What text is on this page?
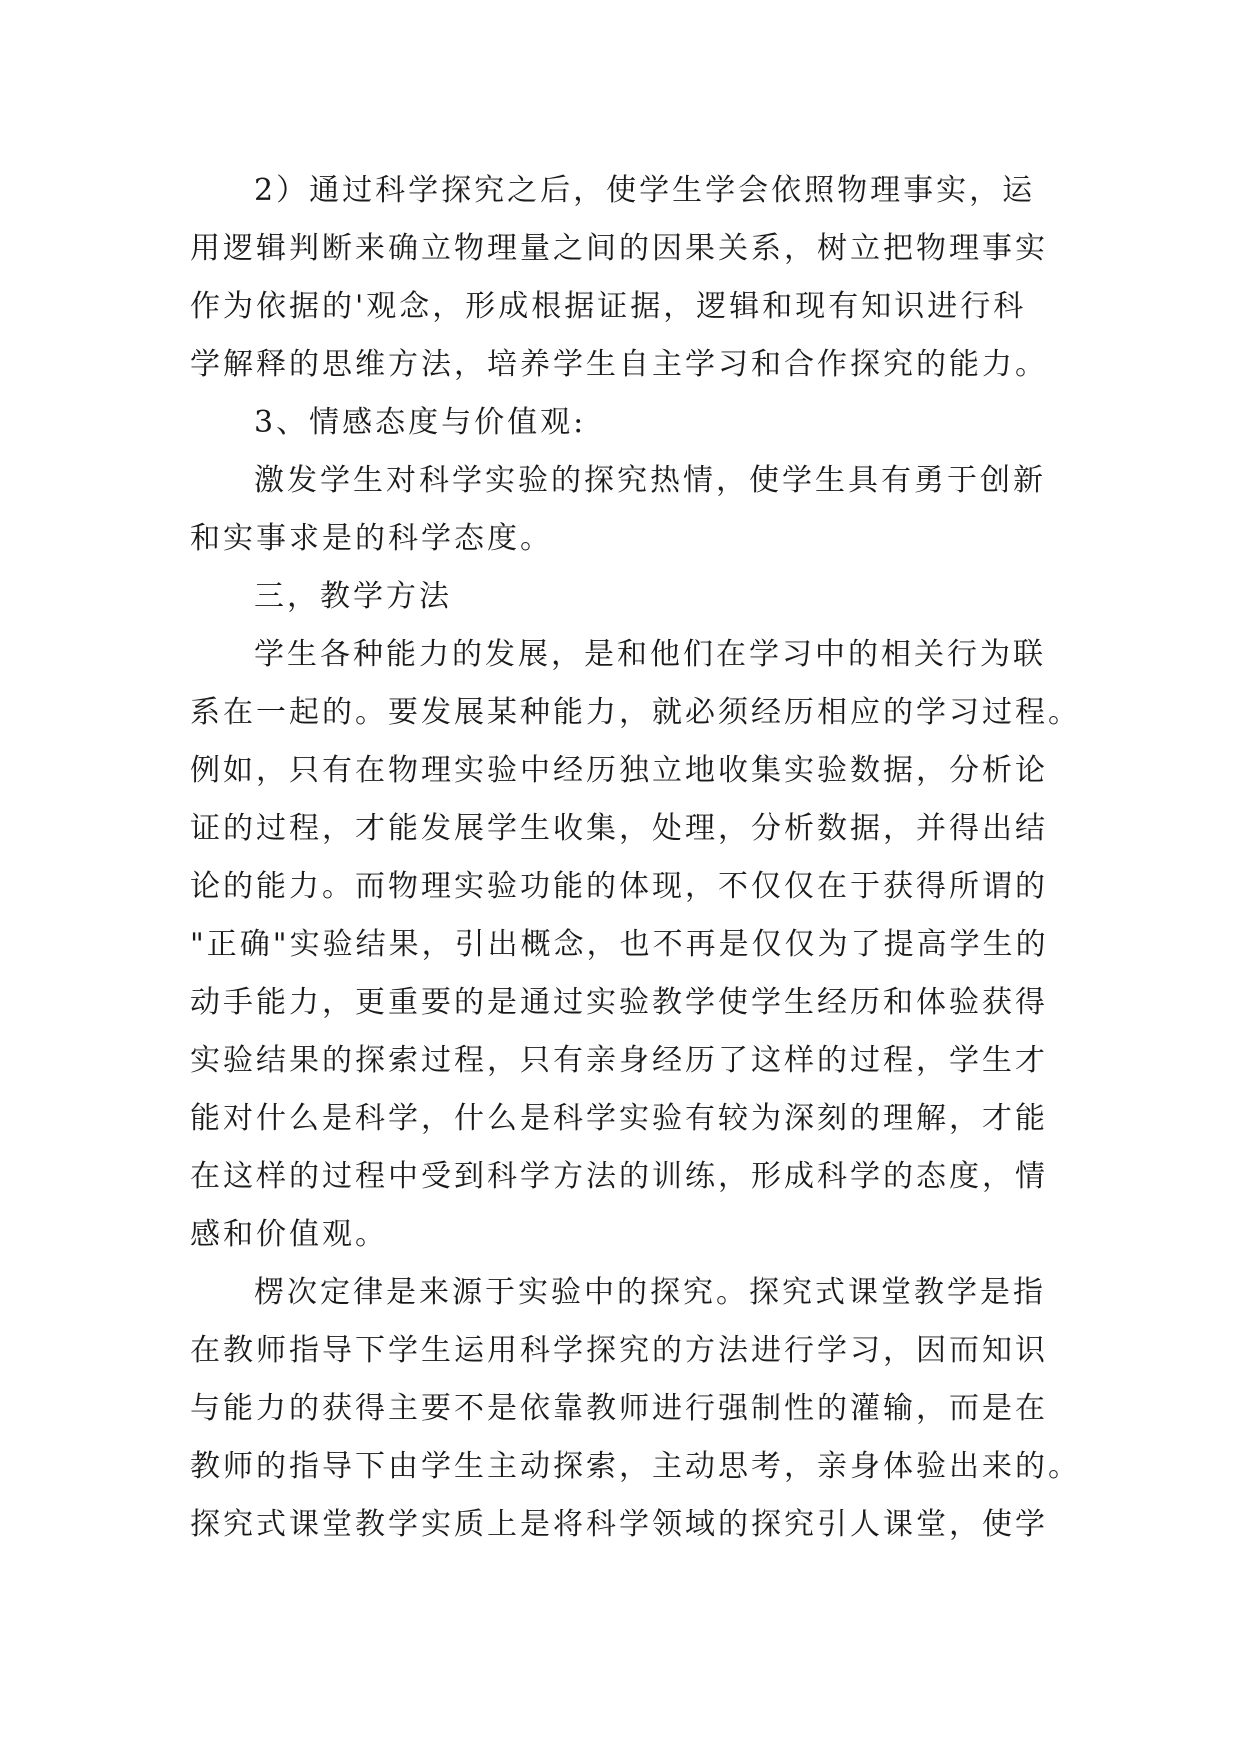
2）通过科学探究之后，使学生学会依照物理事实，运
用逻辑判断来确立物理量之间的因果关系，树立把物理事实
作为依据的'观念，形成根据证据，逻辑和现有知识进行科
学解释的思维方法，培养学生自主学习和合作探究的能力。
3、情感态度与价值观:
激发学生对科学实验的探究热情，使学生具有勇于创新
和实事求是的科学态度。
三，教学方法
学生各种能力的发展，是和他们在学习中的相关行为联
系在一起的。要发展某种能力，就必须经历相应的学习过程。
例如，只有在物理实验中经历独立地收集实验数据，分析论
证的过程，才能发展学生收集，处理，分析数据，并得出结
论的能力。而物理实验功能的体现，不仅仅在于获得所谓的
"正确"实验结果，引出概念，也不再是仅仅为了提高学生的
动手能力，更重要的是通过实验教学使学生经历和体验获得
实验结果的探索过程，只有亲身经历了这样的过程，学生才
能对什么是科学，什么是科学实验有较为深刻的理解，才能
在这样的过程中受到科学方法的训练，形成科学的态度，情
感和价值观。
楞次定律是来源于实验中的探究。探究式课堂教学是指
在教师指导下学生运用科学探究的方法进行学习，因而知识
与能力的获得主要不是依靠教师进行强制性的灌输，而是在
教师的指导下由学生主动探索，主动思考，亲身体验出来的。
探究式课堂教学实质上是将科学领域的探究引人课堂，使学
